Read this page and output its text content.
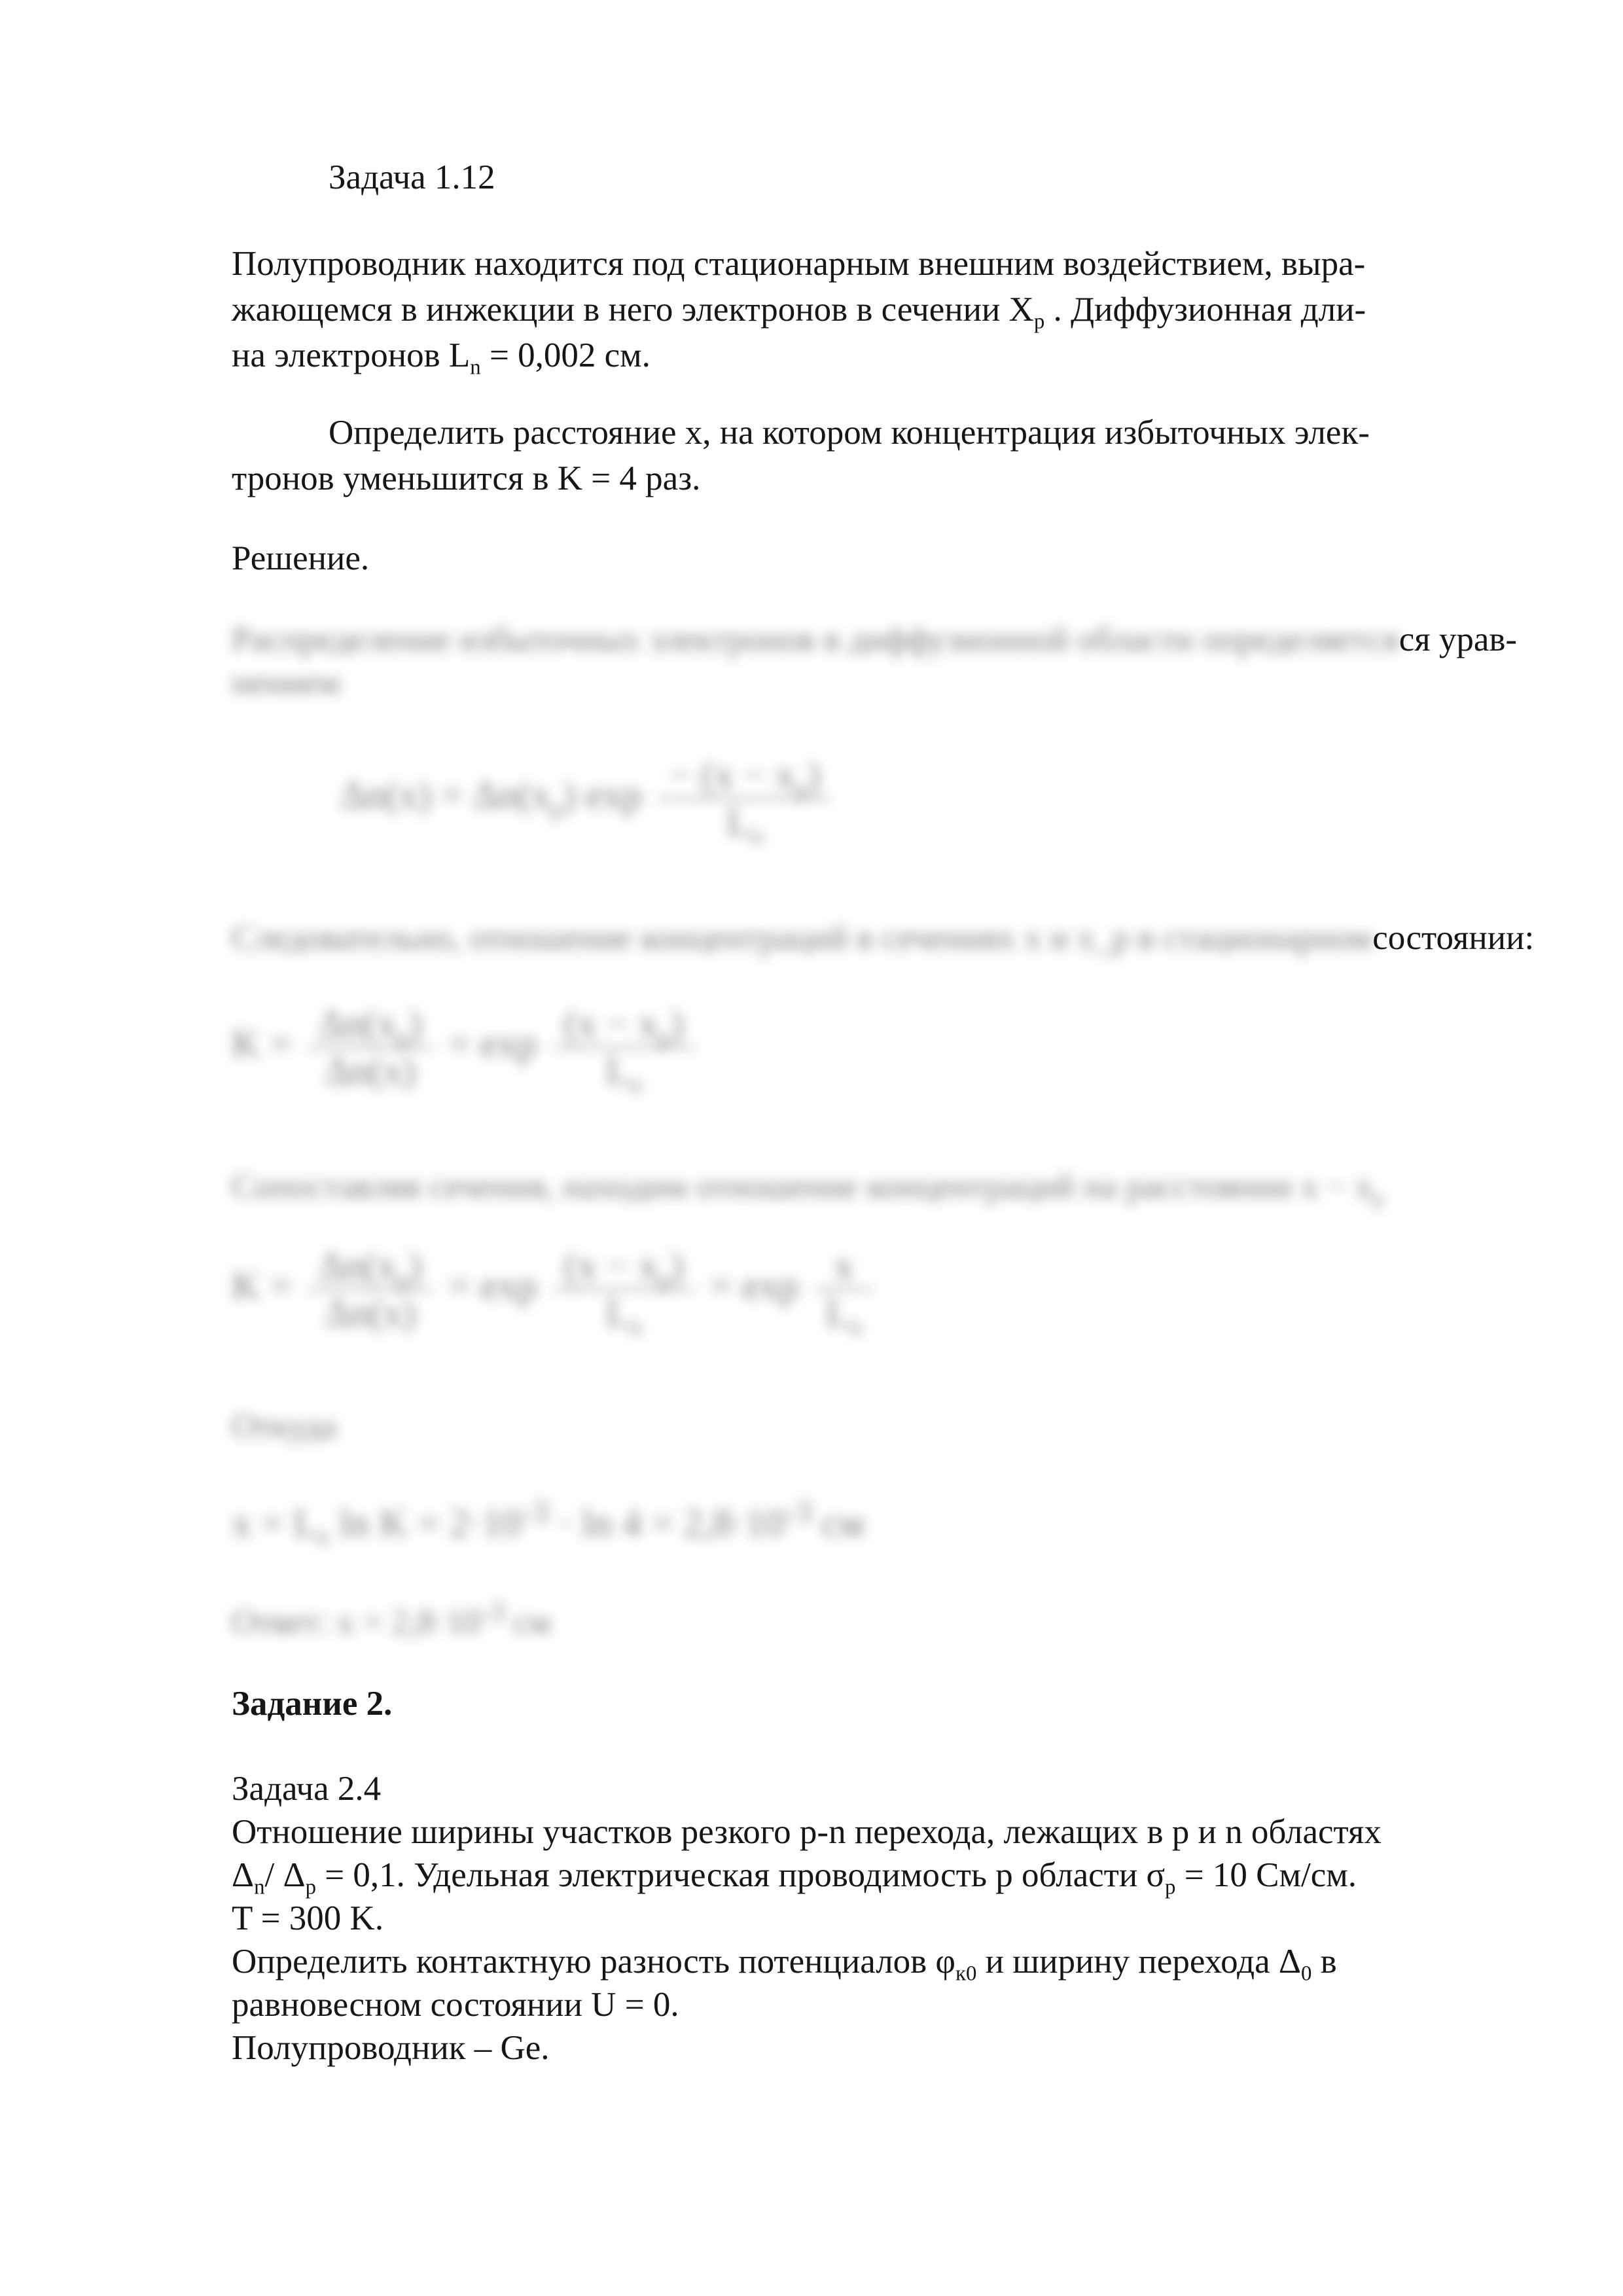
Задача 1.12
Полупроводник находится под стационарным внешним воздействием, выра-
жающемся в инжекции в него электронов в сечении $X_p$ . Диффузионная дли-
на электронов $L_n = 0,002$ см.
Определить расстояние x, на котором концентрация избыточных элек-
тронов уменьшится в K = 4 раз.
Решение.
Распределение избыточных электронов в диффузионной области определяетсяся урав-
нением
$\Delta n(x) = \Delta n(x_p)$ $\exp \frac{- (x - x_p)}{L_n}$
Следовательно, отношение концентраций в сечениях x и x_p в стационарномсостоянии:
$K = \frac{\Delta n(x_p)}{\Delta n(x)} = \exp \frac{(x - x_p)}{L_n}$
Сопоставляя сечения, находим отношение концентраций на расстоянии $x - x_p$
$K = \frac{\Delta n(x_p)}{\Delta n(x)} = \exp \frac{(x - x_p)}{L_n} = \exp \frac{x}{L_n}$
Откуда
$x = L_n$ $\ln K = 2\cdot 10^{-3} \cdot \ln 4 = 2,8\cdot 10^{-3}$ см
Ответ: $x = 2,8\cdot 10^{-3}$ см
Задание 2.
Задача 2.4
Отношение ширины участков резкого p-n перехода, лежащих в p и n областях
$\Delta_n/$ $\Delta_p = 0,1$. Удельная электрическая проводимость p области $\sigma_p = 10$ См/см.
T = 300 K.
Определить контактную разность потенциалов $\varphi_{к0}$ и ширину перехода $\Delta_0$ в
равновесном состоянии U = 0.
Полупроводник – Ge.
